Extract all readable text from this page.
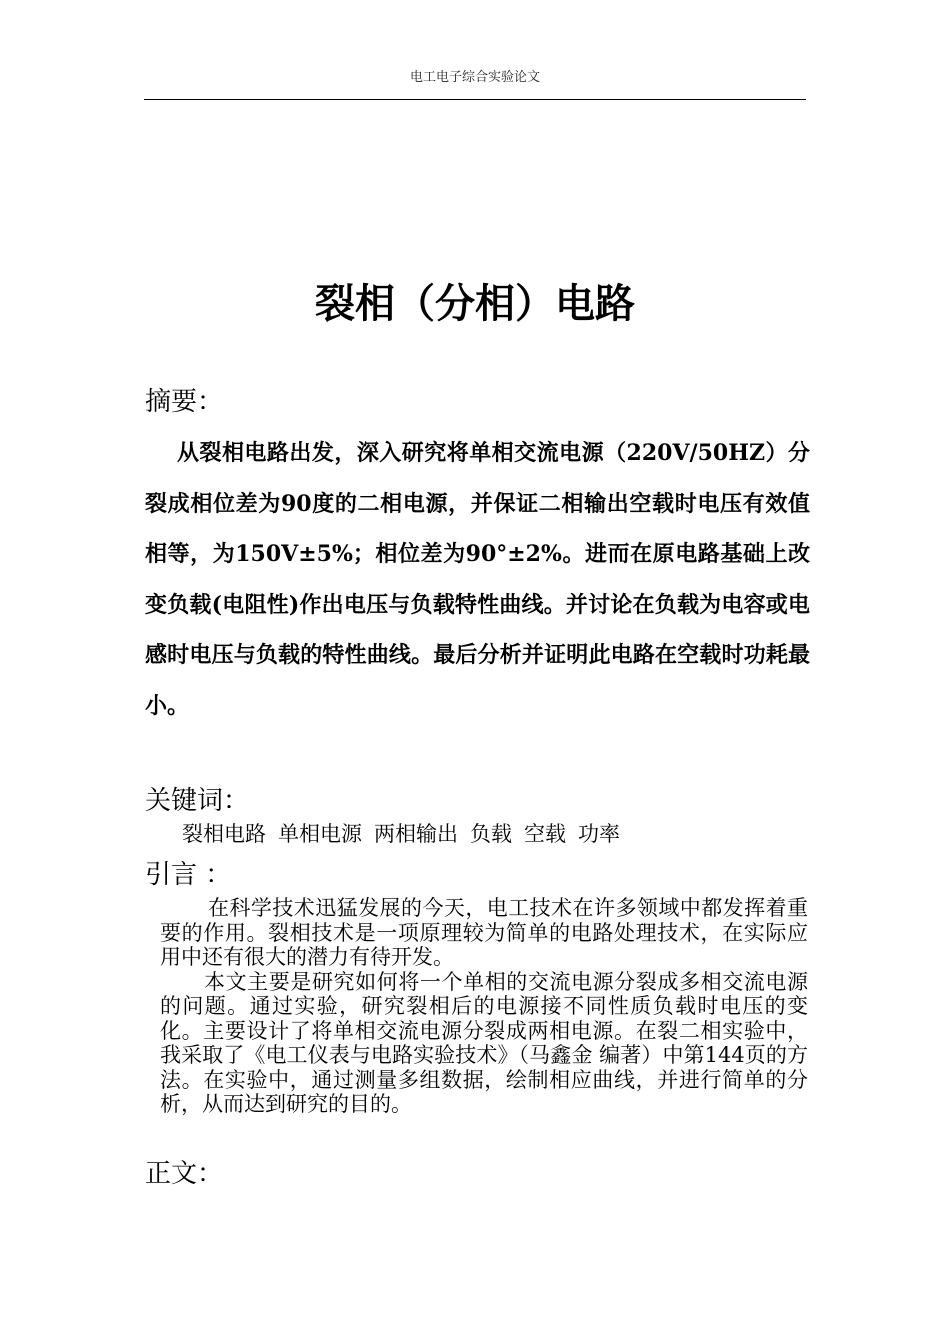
电工电子综合实验论文
裂相（分相）电路
摘要：

从裂相电路出发，深入研究将单相交流电源（220V/50HZ）分裂成相位差为90度的二相电源，并保证二相输出空载时电压有效值相等，为150V±5%；相位差为90°±2%。进而在原电路基础上改变负载(电阻性)作出电压与负载特性曲线。并讨论在负载为电容或电感时电压与负载的特性曲线。最后分析并证明此电路在空载时功耗最小。

关键词：
裂相电路 单相电源 两相输出 负载 空载 功率
引言 ：

在科学技术迅猛发展的今天，电工技术在许多领域中都发挥着重要的作用。裂相技术是一项原理较为简单的电路处理技术，在实际应用中还有很大的潜力有待开发。

本文主要是研究如何将一个单相的交流电源分裂成多相交流电源的问题。通过实验，研究裂相后的电源接不同性质负载时电压的变化。主要设计了将单相交流电源分裂成两相电源。在裂二相实验中，我采取了《电工仪表与电路实验技术》（马鑫金 编著）中第144页的方法。在实验中，通过测量多组数据，绘制相应曲线，并进行简单的分析，从而达到研究的目的。

正文：
